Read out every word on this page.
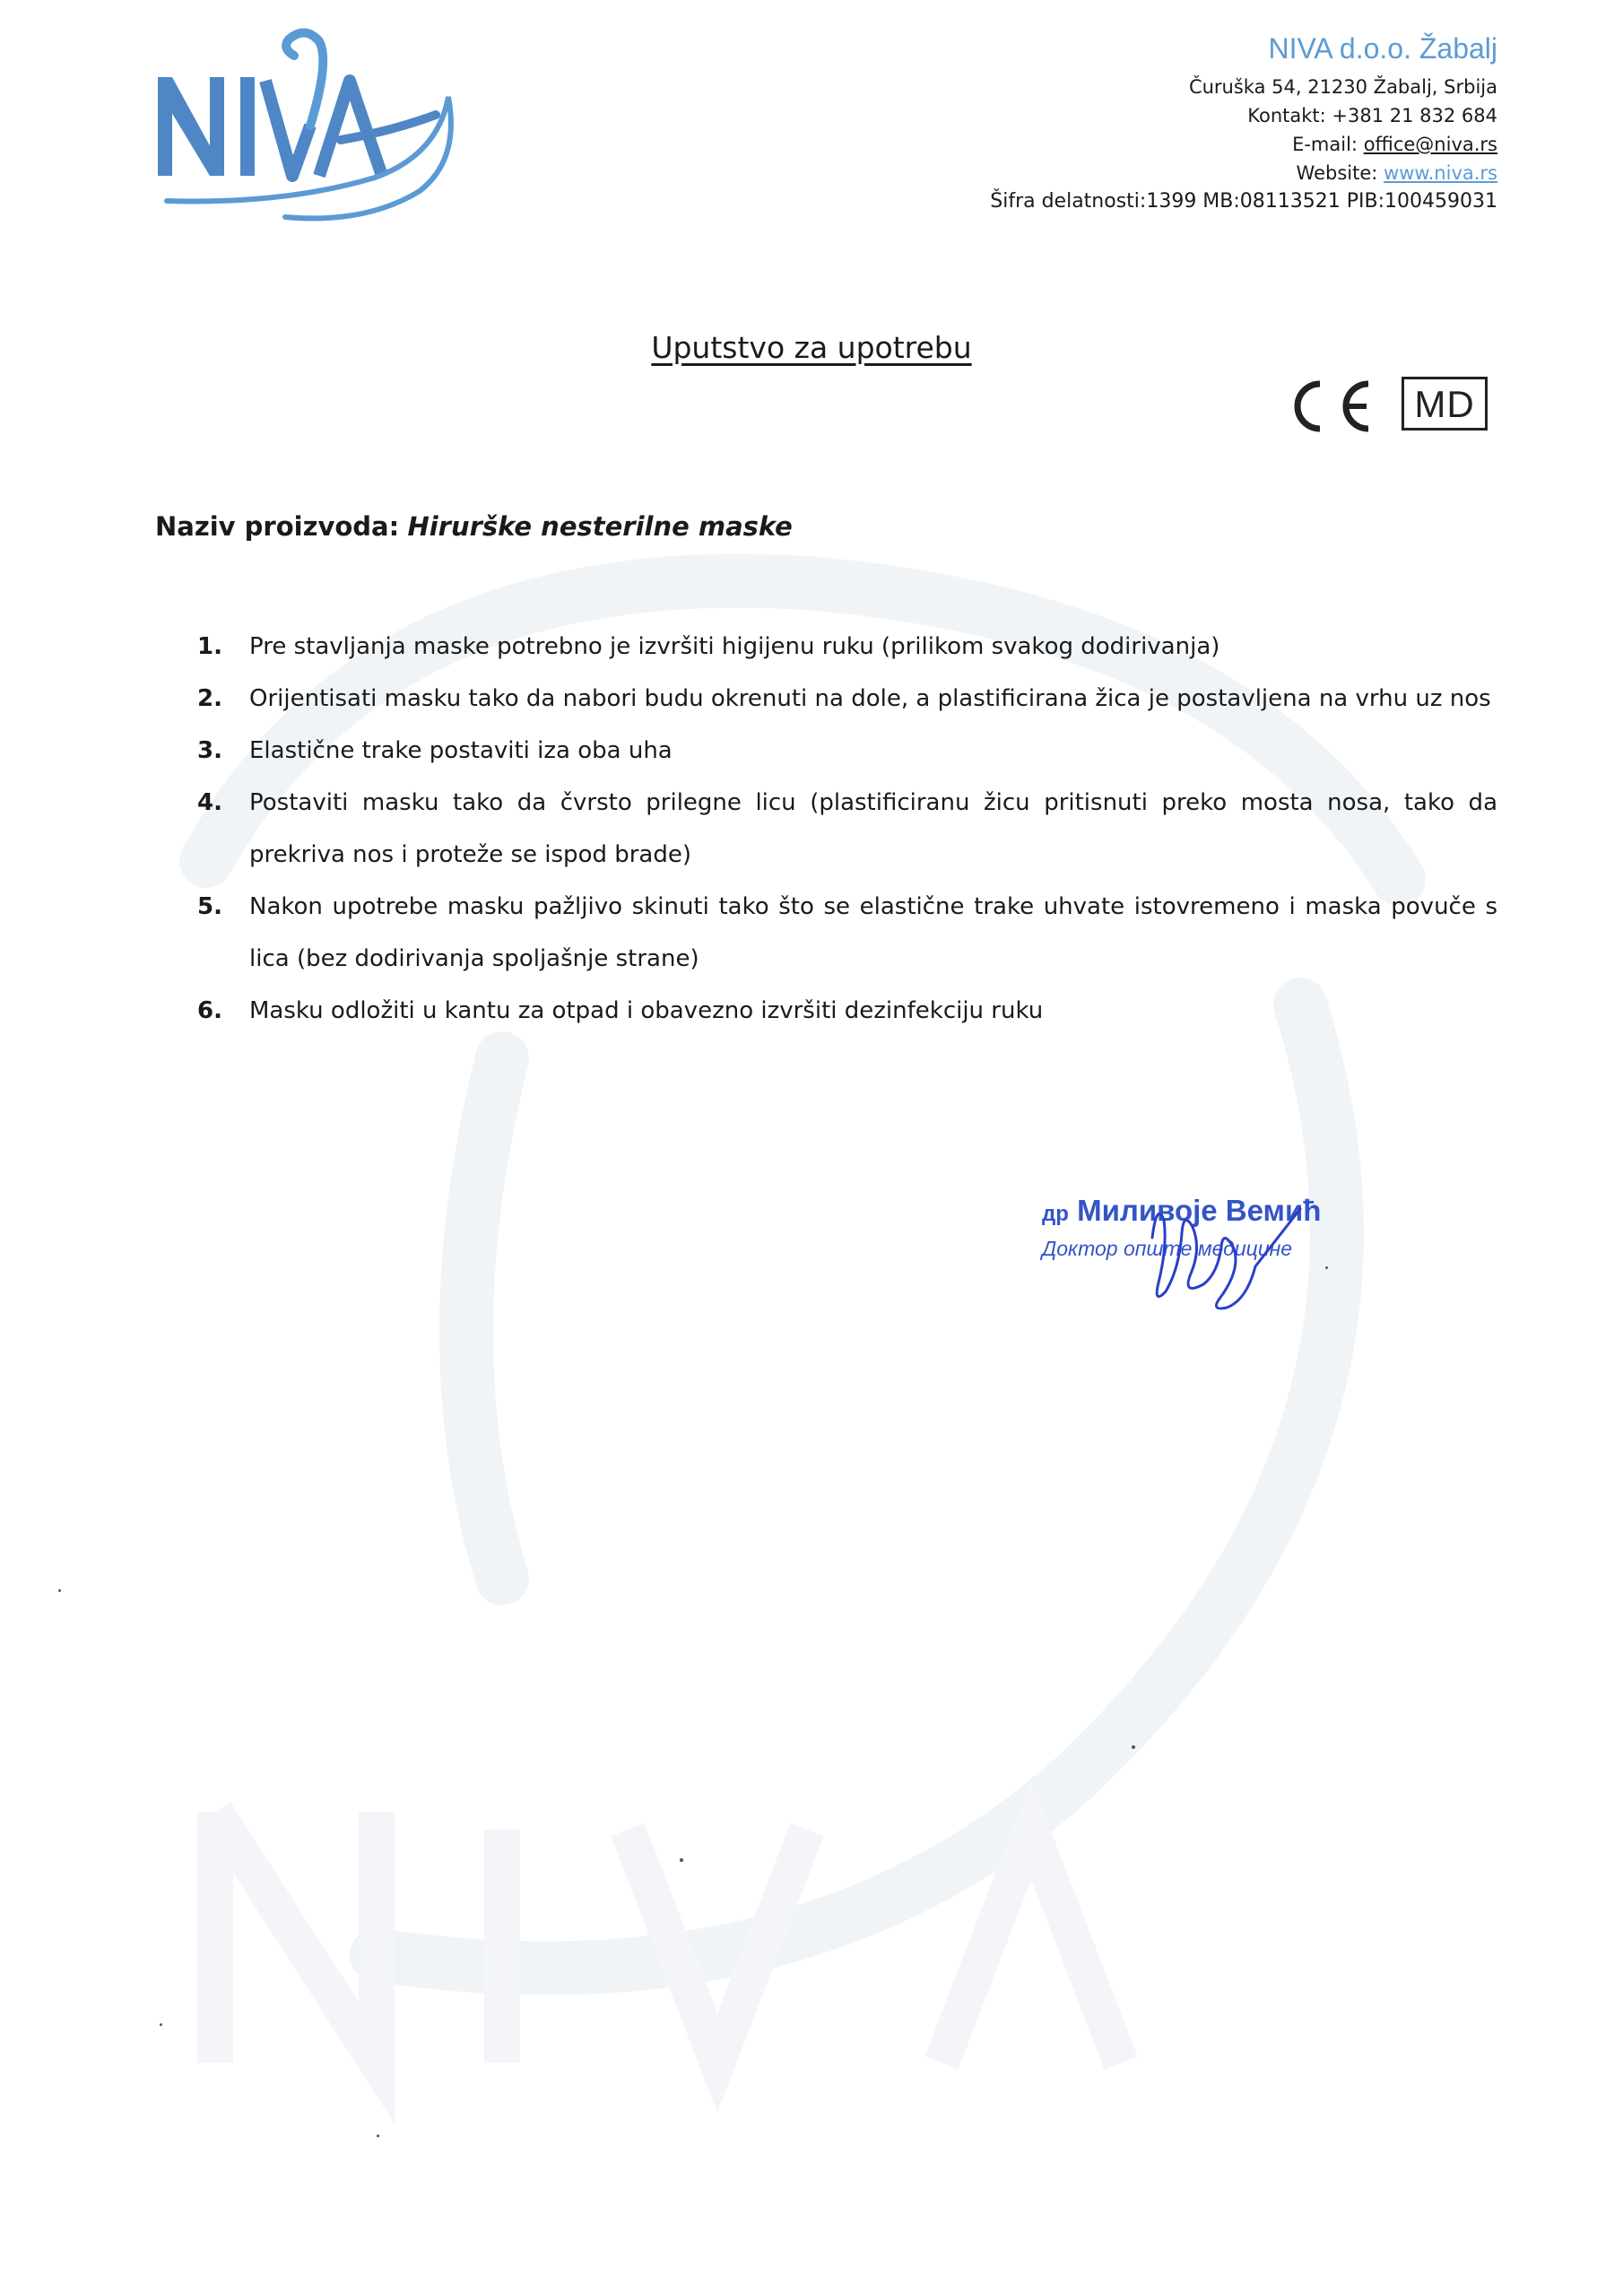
NIVA d.o.o. Žabalj
Čuruška 54, 21230 Žabalj, Srbija
Kontakt: +381 21 832 684
E-mail: office@niva.rs
Website: www.niva.rs
Šifra delatnosti:1399 MB:08113521 PIB:100459031
Uputstvo za upotrebu
MD
Naziv proizvoda: Hirurške nesterilne maske
1.	Pre stavljanja maske potrebno je izvršiti higijenu ruku (prilikom svakog dodirivanja)
2.	Orijentisati masku tako da nabori budu okrenuti na dole, a plastificirana žica je postavljena na vrhu uz nos
3.	Elastične trake postaviti iza oba uha
4.	Postaviti masku tako da čvrsto prilegne licu (plastificiranu žicu pritisnuti preko mosta nosa, tako da prekriva nos i proteže se ispod brade)
5.	Nakon upotrebe masku pažljivo skinuti tako što se elastične trake uhvate istovremeno i maska povuče s lica (bez dodirivanja spoljašnje strane)
6.	Masku odložiti u kantu za otpad i obavezno izvršiti dezinfekciju ruku
др Миливоје Вемић
Доктор опште медицине
